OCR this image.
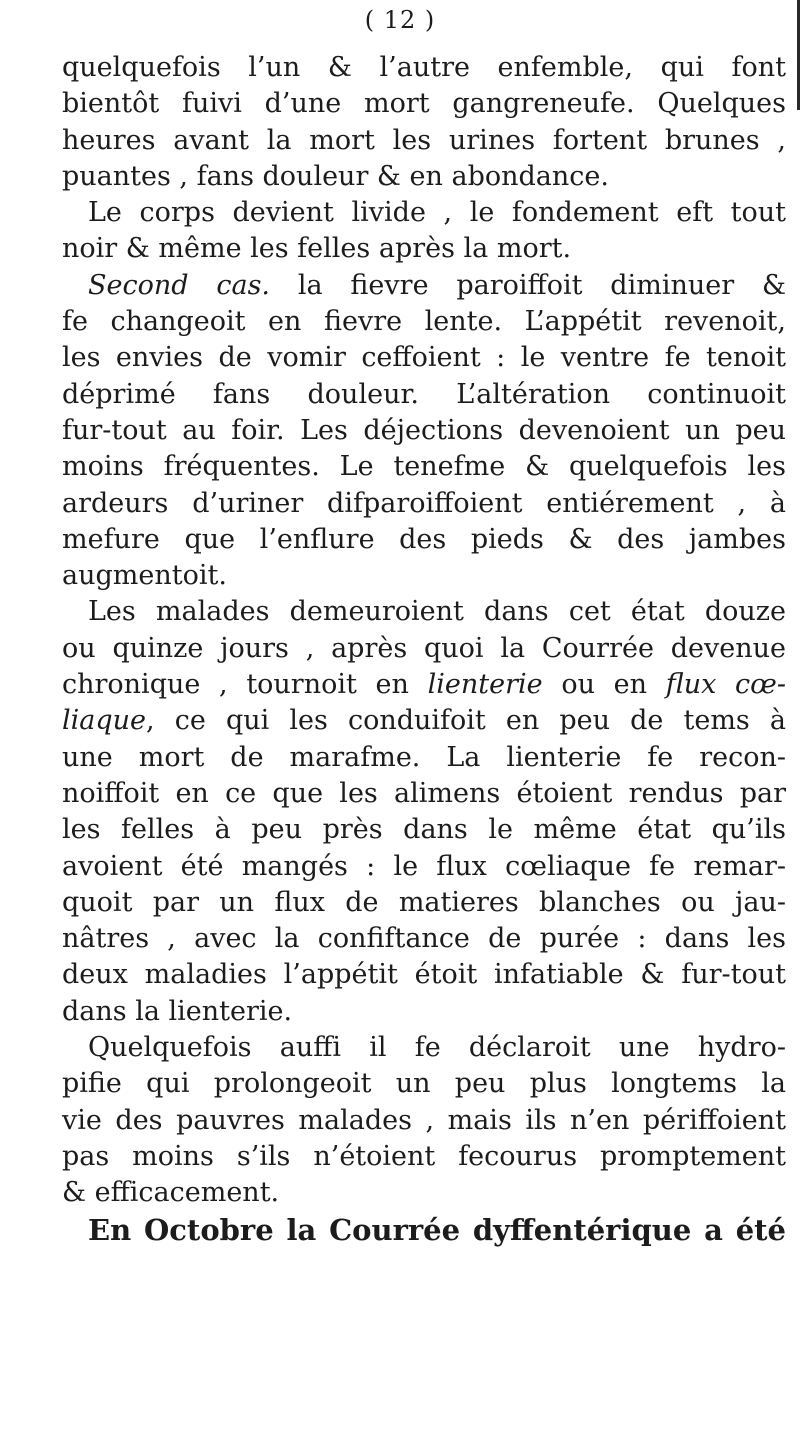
( 12 )
quelquefois l’un & l’autre enfemble, qui font
bientôt fuivi d’une mort gangreneufe. Quelques
heures avant la mort les urines fortent brunes ,
puantes , fans douleur & en abondance.
Le corps devient livide , le fondement eft tout
noir & même les felles après la mort.
Second cas. la fievre paroiffoit diminuer &
fe changeoit en fievre lente. L’appétit revenoit,
les envies de vomir ceffoient : le ventre fe tenoit
déprimé fans douleur. L’altération continuoit
fur-tout au foir. Les déjections devenoient un peu
moins fréquentes. Le tenefme & quelquefois les
ardeurs d’uriner difparoiffoient entiérement , à
mefure que l’enflure des pieds & des jambes
augmentoit.
Les malades demeuroient dans cet état douze
ou quinze jours , après quoi la Courrée devenue
chronique , tournoit en lienterie ou en flux cœ-
liaque, ce qui les conduifoit en peu de tems à
une mort de marafme. La lienterie fe recon-
noiffoit en ce que les alimens étoient rendus par
les felles à peu près dans le même état qu’ils
avoient été mangés : le flux cœliaque fe remar-
quoit par un flux de matieres blanches ou jau-
nâtres , avec la confiftance de purée : dans les
deux maladies l’appétit étoit infatiable & fur-tout
dans la lienterie.
Quelquefois auffi il fe déclaroit une hydro-
pifie qui prolongeoit un peu plus longtems la
vie des pauvres malades , mais ils n’en périffoient
pas moins s’ils n’étoient fecourus promptement
& efficacement.
En Octobre la Courrée dyffentérique a été
